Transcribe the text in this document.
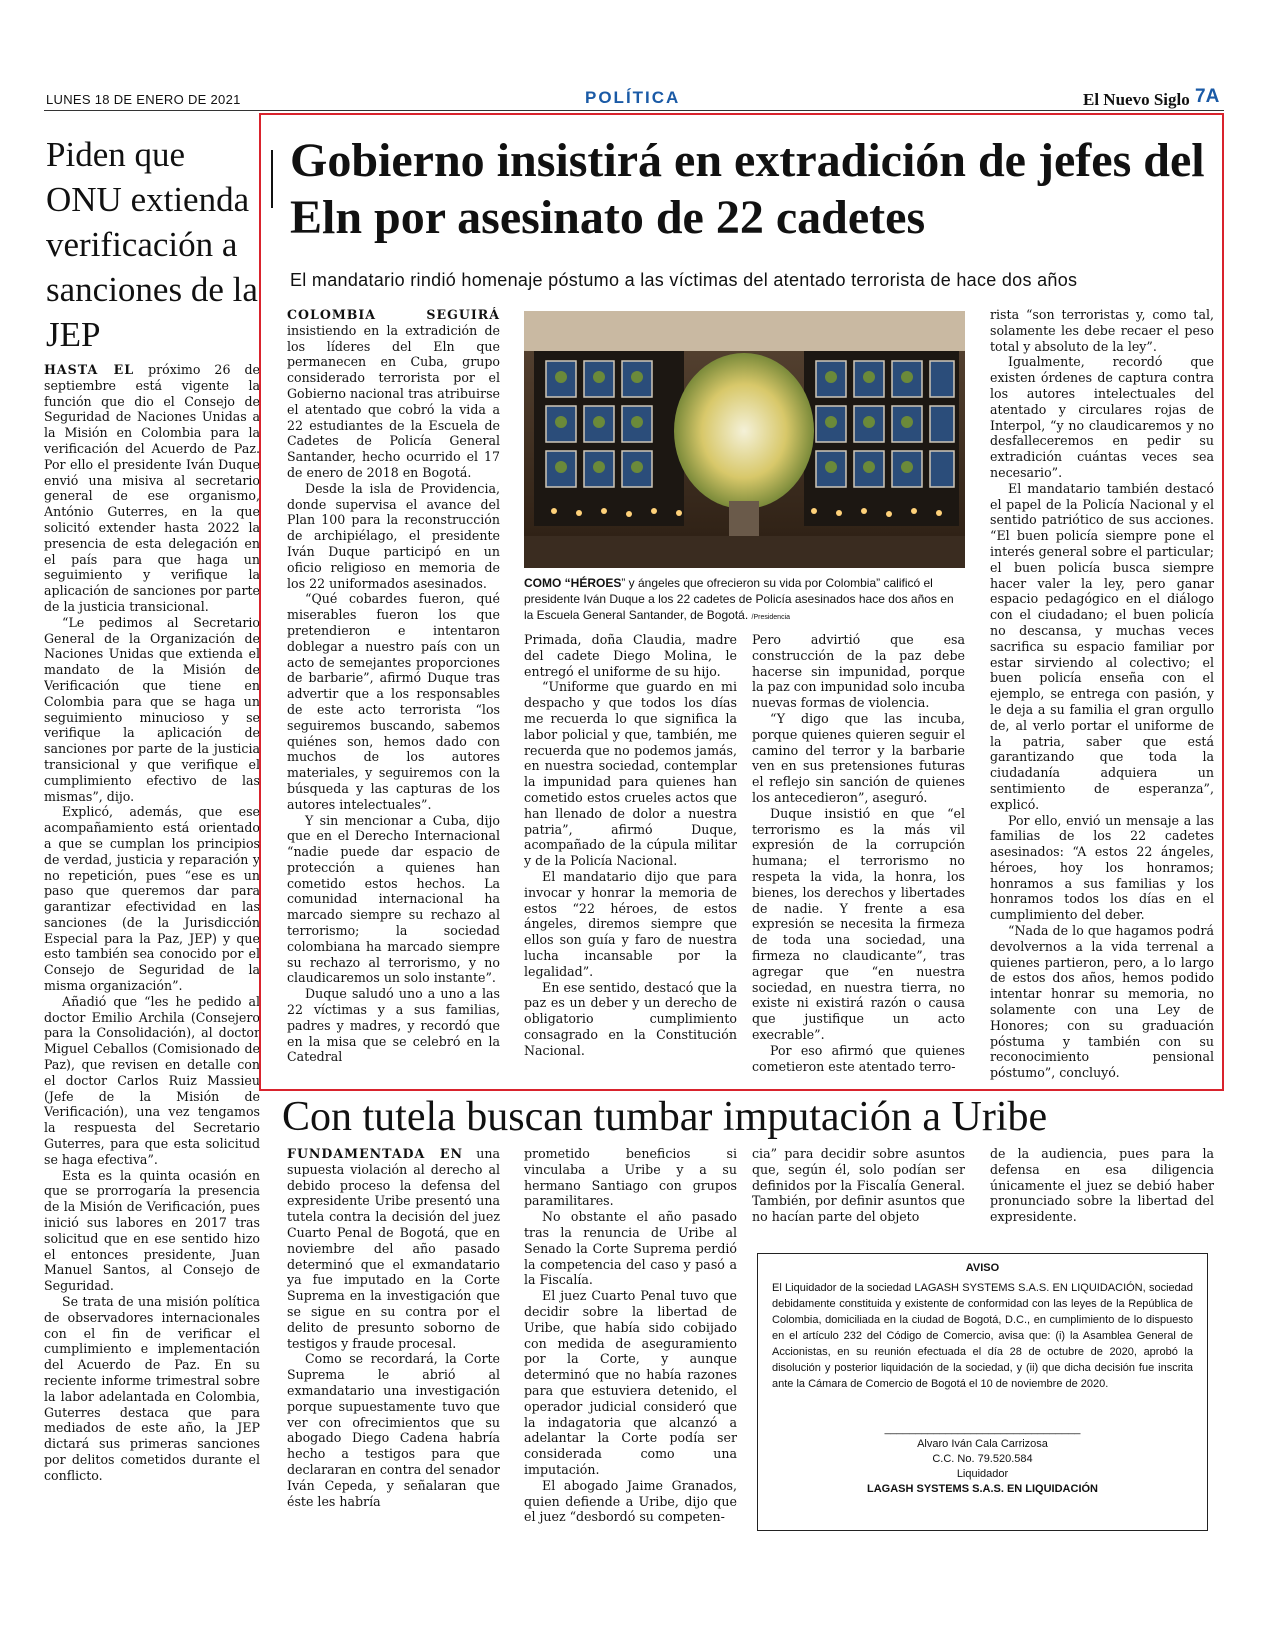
LUNES 18 DE ENERO DE 2021	POLÍTICA	El Nuevo Siglo 7A
Piden que ONU extienda verificación a sanciones de la JEP

HASTA EL próximo 26 de septiembre está vigente la función que dio el Consejo de Seguridad de Naciones Unidas a la Misión en Colombia para la verificación del Acuerdo de Paz. Por ello el presidente Iván Duque envió una misiva al secretario general de ese organismo, António Guterres, en la que solicitó extender hasta 2022 la presencia de esta delegación en el país para que haga un seguimiento y verifique la aplicación de sanciones por parte de la justicia transicional.

“Le pedimos al Secretario General de la Organización de Naciones Unidas que extienda el mandato de la Misión de Verificación que tiene en Colombia para que se haga un seguimiento minucioso y se verifique la aplicación de sanciones por parte de la justicia transicional y que verifique el cumplimiento efectivo de las mismas”, dijo.

Explicó, además, que ese acompañamiento está orientado a que se cumplan los principios de verdad, justicia y reparación y no repetición, pues “ese es un paso que queremos dar para garantizar efectividad en las sanciones (de la Jurisdicción Especial para la Paz, JEP) y que esto también sea conocido por el Consejo de Seguridad de la misma organización”.

Añadió que “les he pedido al doctor Emilio Archila (Consejero para la Consolidación), al doctor Miguel Ceballos (Comisionado de Paz), que revisen en detalle con el doctor Carlos Ruiz Massieu (Jefe de la Misión de Verificación), una vez tengamos la respuesta del Secretario Guterres, para que esta solicitud se haga efectiva”.

Esta es la quinta ocasión en que se prorrogaría la presencia de la Misión de Verificación, pues inició sus labores en 2017 tras solicitud que en ese sentido hizo el entonces presidente, Juan Manuel Santos, al Consejo de Seguridad.

Se trata de una misión política de observadores internacionales con el fin de verificar el cumplimiento e implementación del Acuerdo de Paz. En su reciente informe trimestral sobre la labor adelantada en Colombia, Guterres destaca que para mediados de este año, la JEP dictará sus primeras sanciones por delitos cometidos durante el conflicto.

Gobierno insistirá en extradición de jefes del Eln por asesinato de 22 cadetes
El mandatario rindió homenaje póstumo a las víctimas del atentado terrorista de hace dos años

COLOMBIA SEGUIRÁ insistiendo en la extradición de los líderes del Eln que permanecen en Cuba, grupo considerado terrorista por el Gobierno nacional tras atribuirse el atentado que cobró la vida a 22 estudiantes de la Escuela de Cadetes de Policía General Santander, hecho ocurrido el 17 de enero de 2018 en Bogotá.

Desde la isla de Providencia, donde supervisa el avance del Plan 100 para la reconstrucción de archipiélago, el presidente Iván Duque participó en un oficio religioso en memoria de los 22 uniformados asesinados.

“Qué cobardes fueron, qué miserables fueron los que pretendieron e intentaron doblegar a nuestro país con un acto de semejantes proporciones de barbarie”, afirmó Duque tras advertir que a los responsables de este acto terrorista “los seguiremos buscando, sabemos quiénes son, hemos dado con muchos de los autores materiales, y seguiremos con la búsqueda y las capturas de los autores intelectuales”.

Y sin mencionar a Cuba, dijo que en el Derecho Internacional “nadie puede dar espacio de protección a quienes han cometido estos hechos. La comunidad internacional ha marcado siempre su rechazo al terrorismo; la sociedad colombiana ha marcado siempre su rechazo al terrorismo, y no claudicaremos un solo instante”.

Duque saludó uno a uno a las 22 víctimas y a sus familias, padres y madres, y recordó que en la misa que se celebró en la Catedral

COMO “HÉROES” y ángeles que ofrecieron su vida por Colombia” calificó el presidente Iván Duque a los 22 cadetes de Policía asesinados hace dos años en la Escuela General Santander, de Bogotá. /Presidencia

Primada, doña Claudia, madre del cadete Diego Molina, le entregó el uniforme de su hijo.

“Uniforme que guardo en mi despacho y que todos los días me recuerda lo que significa la labor policial y que, también, me recuerda que no podemos jamás, en nuestra sociedad, contemplar la impunidad para quienes han cometido estos crueles actos que han llenado de dolor a nuestra patria”, afirmó Duque, acompañado de la cúpula militar y de la Policía Nacional.

El mandatario dijo que para invocar y honrar la memoria de estos “22 héroes, de estos ángeles, diremos siempre que ellos son guía y faro de nuestra lucha incansable por la legalidad”.

En ese sentido, destacó que la paz es un deber y un derecho de obligatorio cumplimiento consagrado en la Constitución Nacional.

Pero advirtió que esa construcción de la paz debe hacerse sin impunidad, porque la paz con impunidad solo incuba nuevas formas de violencia.

“Y digo que las incuba, porque quienes quieren seguir el camino del terror y la barbarie ven en sus pretensiones futuras el reflejo sin sanción de quienes los antecedieron”, aseguró.

Duque insistió en que “el terrorismo es la más vil expresión de la corrupción humana; el terrorismo no respeta la vida, la honra, los bienes, los derechos y libertades de nadie. Y frente a esa expresión se necesita la firmeza de toda una sociedad, una firmeza no claudicante”, tras agregar que “en nuestra sociedad, en nuestra tierra, no existe ni existirá razón o causa que justifique un acto execrable”.

Por eso afirmó que quienes cometieron este atentado terro-

rista “son terroristas y, como tal, solamente les debe recaer el peso total y absoluto de la ley”.

Igualmente, recordó que existen órdenes de captura contra los autores intelectuales del atentado y circulares rojas de Interpol, “y no claudicaremos y no desfalleceremos en pedir su extradición cuántas veces sea necesario”.

El mandatario también destacó el papel de la Policía Nacional y el sentido patriótico de sus acciones. “El buen policía siempre pone el interés general sobre el particular; el buen policía busca siempre hacer valer la ley, pero ganar espacio pedagógico en el diálogo con el ciudadano; el buen policía no descansa, y muchas veces sacrifica su espacio familiar por estar sirviendo al colectivo; el buen policía enseña con el ejemplo, se entrega con pasión, y le deja a su familia el gran orgullo de, al verlo portar el uniforme de la patria, saber que está garantizando que toda la ciudadanía adquiera un sentimiento de esperanza”, explicó.

Por ello, envió un mensaje a las familias de los 22 cadetes asesinados: “A estos 22 ángeles, héroes, hoy los honramos; honramos a sus familias y los honramos todos los días en el cumplimiento del deber.

“Nada de lo que hagamos podrá devolvernos a la vida terrenal a quienes partieron, pero, a lo largo de estos dos años, hemos podido intentar honrar su memoria, no solamente con una Ley de Honores; con su graduación póstuma y también con su reconocimiento pensional póstumo”, concluyó.

Con tutela buscan tumbar imputación a Uribe

FUNDAMENTADA EN una supuesta violación al derecho al debido proceso la defensa del expresidente Uribe presentó una tutela contra la decisión del juez Cuarto Penal de Bogotá, que en noviembre del año pasado determinó que el exmandatario ya fue imputado en la Corte Suprema en la investigación que se sigue en su contra por el delito de presunto soborno de testigos y fraude procesal.

Como se recordará, la Corte Suprema le abrió al exmandatario una investigación porque supuestamente tuvo que ver con ofrecimientos que su abogado Diego Cadena habría hecho a testigos para que declararan en contra del senador Iván Cepeda, y señalaran que éste les habría

prometido beneficios si vinculaba a Uribe y a su hermano Santiago con grupos paramilitares.

No obstante el año pasado tras la renuncia de Uribe al Senado la Corte Suprema perdió la competencia del caso y pasó a la Fiscalía.

El juez Cuarto Penal tuvo que decidir sobre la libertad de Uribe, que había sido cobijado con medida de aseguramiento por la Corte, y aunque determinó que no había razones para que estuviera detenido, el operador judicial consideró que la indagatoria que alcanzó a adelantar la Corte podía ser considerada como una imputación.

El abogado Jaime Granados, quien defiende a Uribe, dijo que el juez “desbordó su competen-

cia” para decidir sobre asuntos que, según él, solo podían ser definidos por la Fiscalía General. También, por definir asuntos que no hacían parte del objeto

de la audiencia, pues para la defensa en esa diligencia únicamente el juez se debió haber pronunciado sobre la libertad del expresidente.

AVISO
El Liquidador de la sociedad LAGASH SYSTEMS S.A.S. EN LIQUIDACIÓN, sociedad debidamente constituida y existente de conformidad con las leyes de la República de Colombia, domiciliada en la ciudad de Bogotá, D.C., en cumplimiento de lo dispuesto en el artículo 232 del Código de Comercio, avisa que: (i) la Asamblea General de Accionistas, en su reunión efectuada el día 28 de octubre de 2020, aprobó la disolución y posterior liquidación de la sociedad, y (ii) que dicha decisión fue inscrita ante la Cámara de Comercio de Bogotá el 10 de noviembre de 2020.
________________________________
Alvaro Iván Cala Carrizosa
C.C. No. 79.520.584
Liquidador
LAGASH SYSTEMS S.A.S. EN LIQUIDACIÓN
